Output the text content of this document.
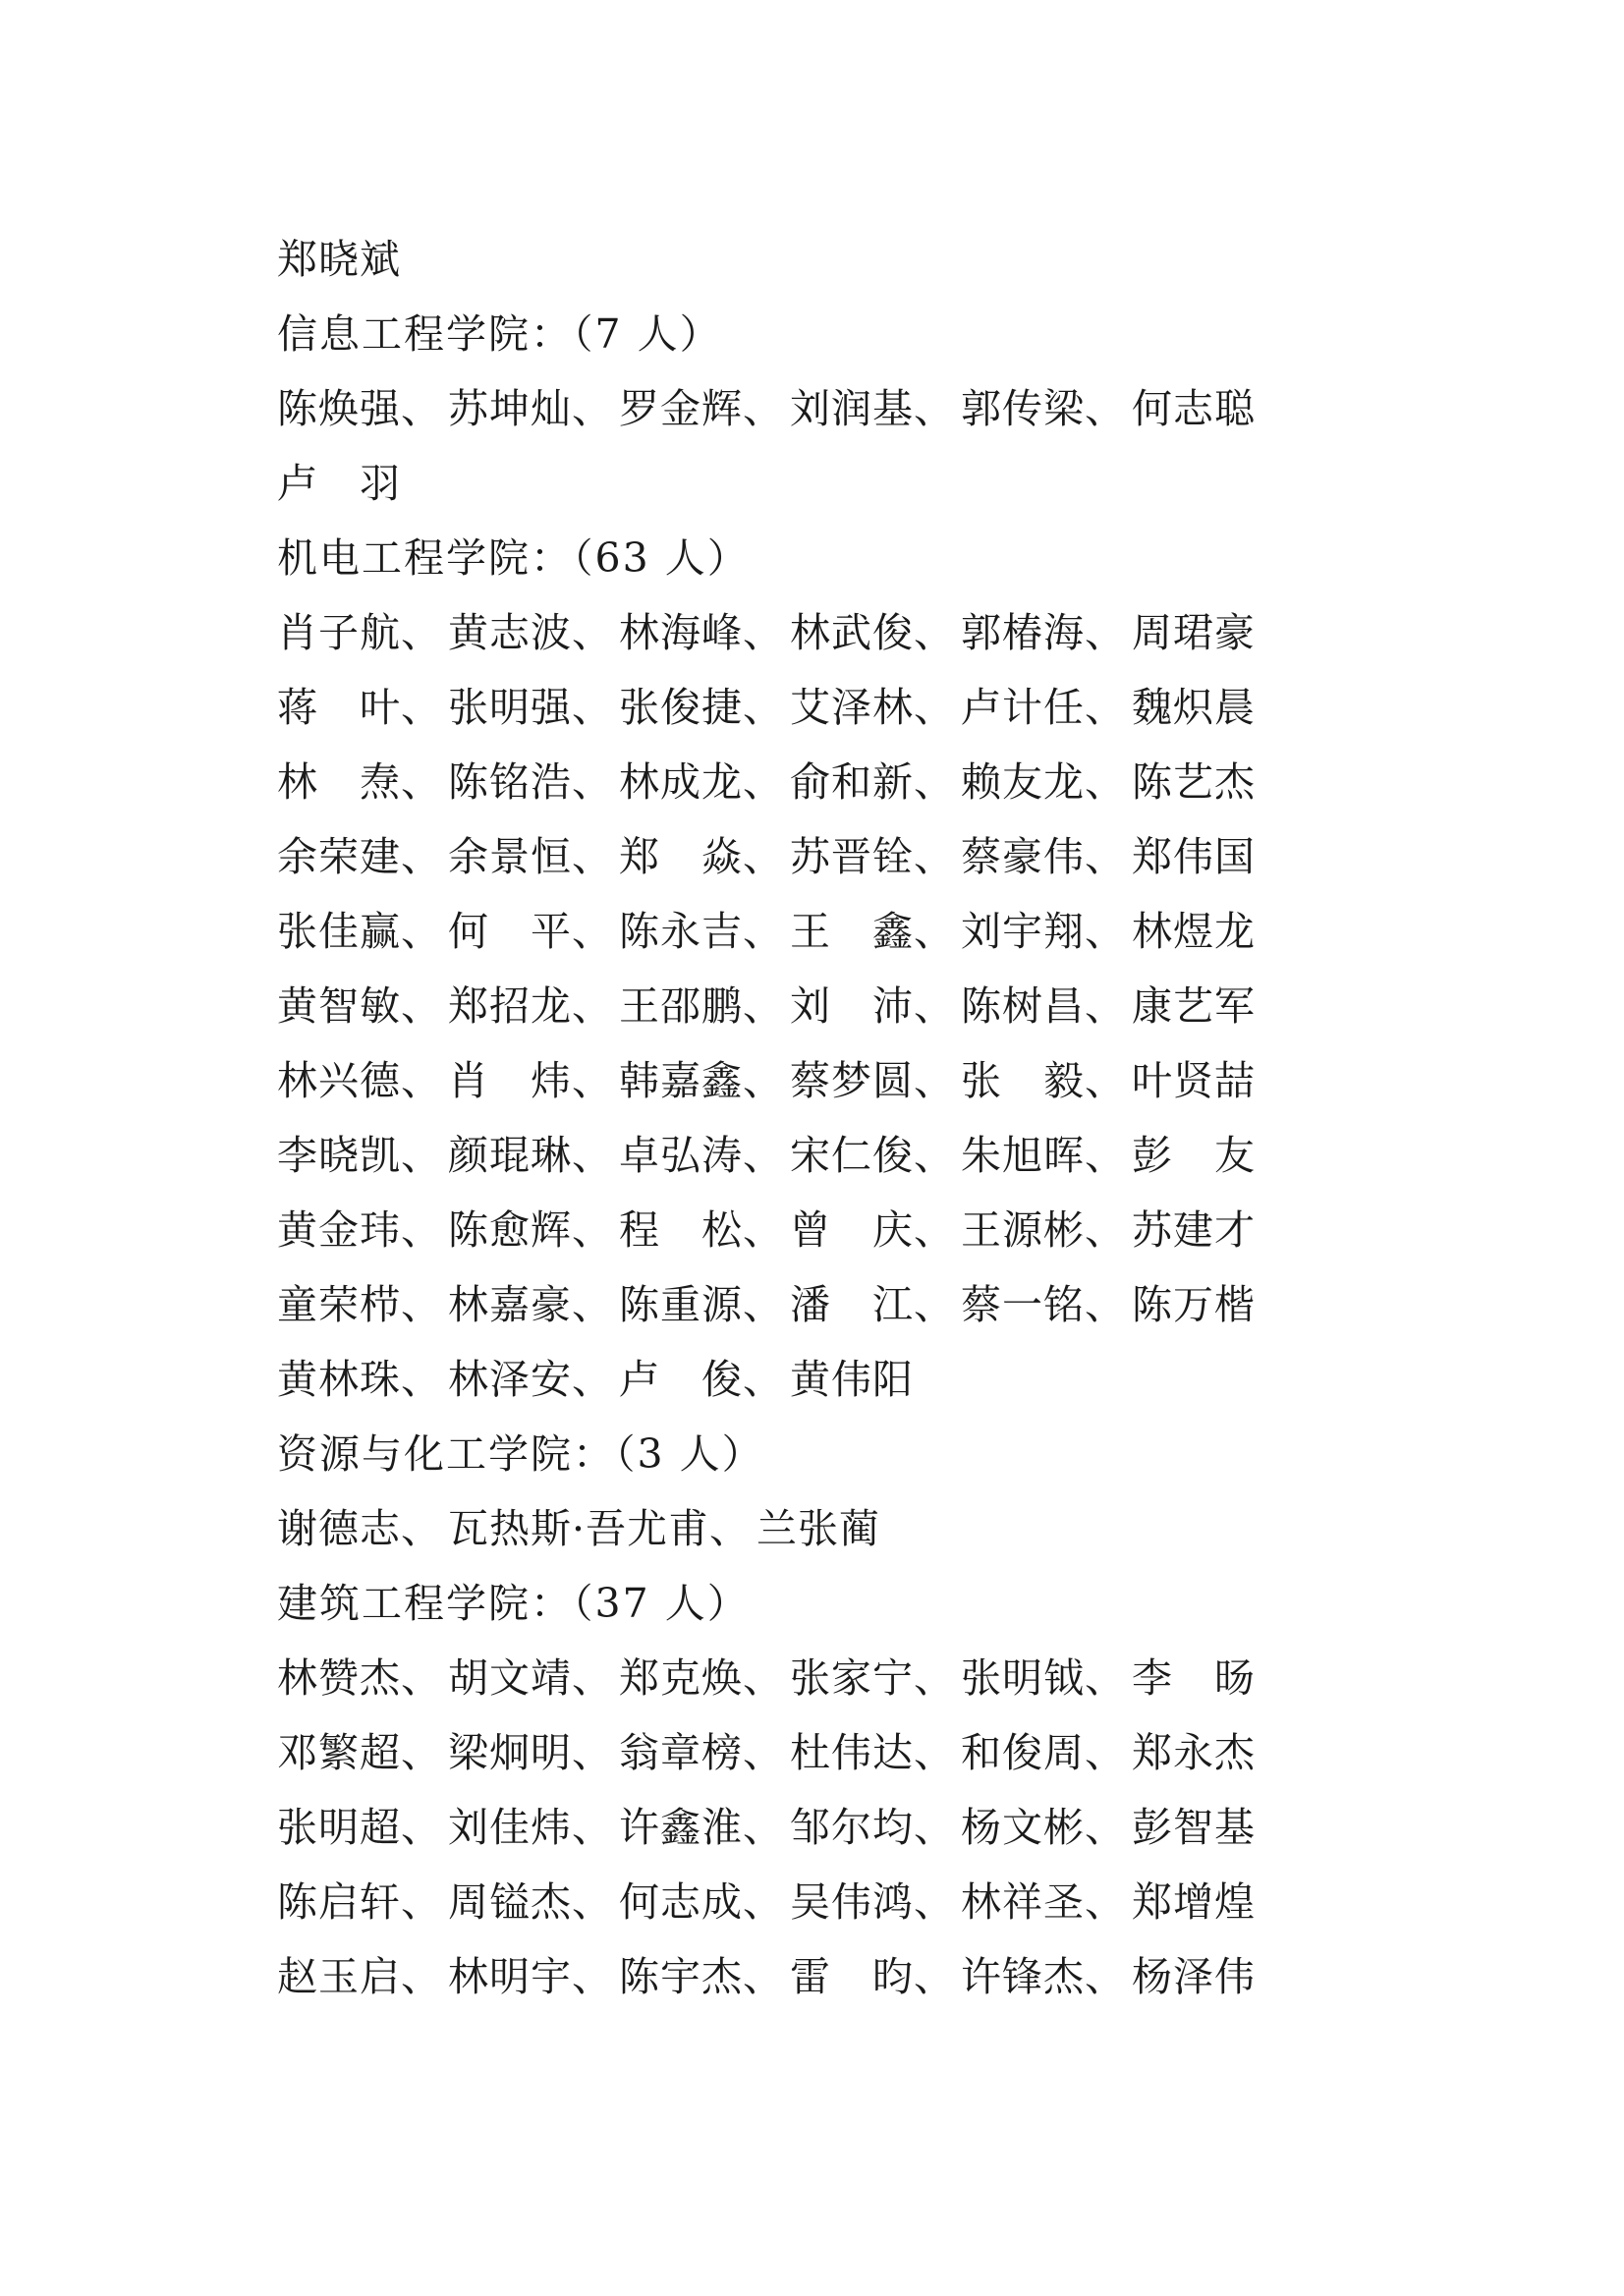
郑晓斌
信息工程学院：（7 人）
陈焕强、 苏坤灿、 罗金辉、 刘润基、 郭传梁、 何志聪
卢　羽
机电工程学院：（63 人）
肖子航、 黄志波、 林海峰、 林武俊、 郭椿海、 周珺豪
蒋　叶、 张明强、 张俊捷、 艾泽林、 卢计任、 魏炽晨
林　焘、 陈铭浩、 林成龙、 俞和新、 赖友龙、 陈艺杰
余荣建、 余景恒、 郑　焱、 苏晋铨、 蔡豪伟、 郑伟国
张佳赢、 何　平、 陈永吉、 王　鑫、 刘宇翔、 林煜龙
黄智敏、 郑招龙、 王邵鹏、 刘　沛、 陈树昌、 康艺军
林兴德、 肖　炜、 韩嘉鑫、 蔡梦圆、 张　毅、 叶贤喆
李晓凯、 颜琨琳、 卓弘涛、 宋仁俊、 朱旭晖、 彭　友
黄金玮、 陈愈辉、 程　松、 曾　庆、 王源彬、 苏建才
童荣栉、 林嘉豪、 陈重源、 潘　江、 蔡一铭、 陈万楷
黄林珠、 林泽安、 卢　俊、 黄伟阳
资源与化工学院：（3 人）
谢德志、 瓦热斯·吾尤甫、 兰张蔺
建筑工程学院：（37 人）
林赞杰、 胡文靖、 郑克焕、 张家宁、 张明钺、 李　旸
邓繁超、 梁炯明、 翁章榜、 杜伟达、 和俊周、 郑永杰
张明超、 刘佳炜、 许鑫淮、 邹尔均、 杨文彬、 彭智基
陈启轩、 周镒杰、 何志成、 吴伟鸿、 林祥圣、 郑增煌
赵玉启、 林明宇、 陈宇杰、 雷　昀、 许锋杰、 杨泽伟
